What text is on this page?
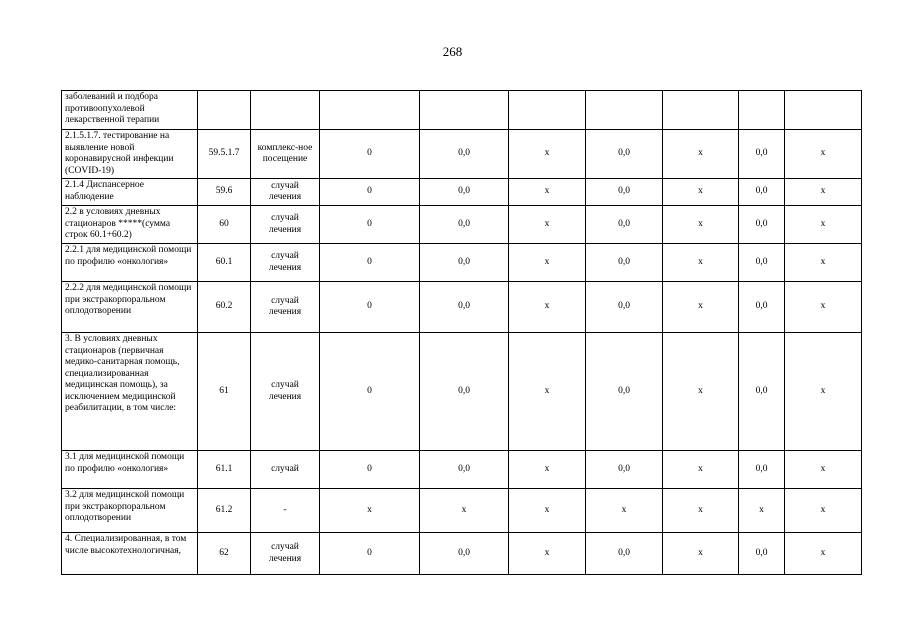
268
заболеваний и подбора противоопухолевой лекарственной терапии									
2.1.5.1.7. тестирование на выявление новой коронавирусной инфекции (COVID-19)	59.5.1.7	комплекс-ное посещение	0	0,0	х	0,0	х	0,0	х
2.1.4 Диспансерное наблюдение	59.6	случай лечения	0	0,0	х	0,0	х	0,0	х
2.2 в условиях дневных стационаров *****(сумма строк 60.1+60.2)	60	случай лечения	0	0,0	х	0,0	х	0,0	х
2.2.1 для медицинской помощи по профилю «онкология»	60.1	случай лечения	0	0,0	х	0,0	х	0,0	х
2.2.2 для медицинской помощи при экстракорпоральном оплодотворении	60.2	случай лечения	0	0,0	х	0,0	х	0,0	х
3. В условиях дневных стационаров (первичная медико-санитарная помощь, специализированная медицинская помощь), за исключением медицинской реабилитации, в том числе:	61	случай лечения	0	0,0	х	0,0	х	0,0	х
3.1 для медицинской помощи по профилю «онкология»	61.1	случай	0	0,0	х	0,0	х	0,0	х
3.2 для медицинской помощи при экстракорпоральном оплодотворении	61.2	-	х	х	х	х	х	х	х
4. Специализированная, в том числе высокотехнологичная,	62	случай лечения	0	0,0	х	0,0	х	0,0	х
